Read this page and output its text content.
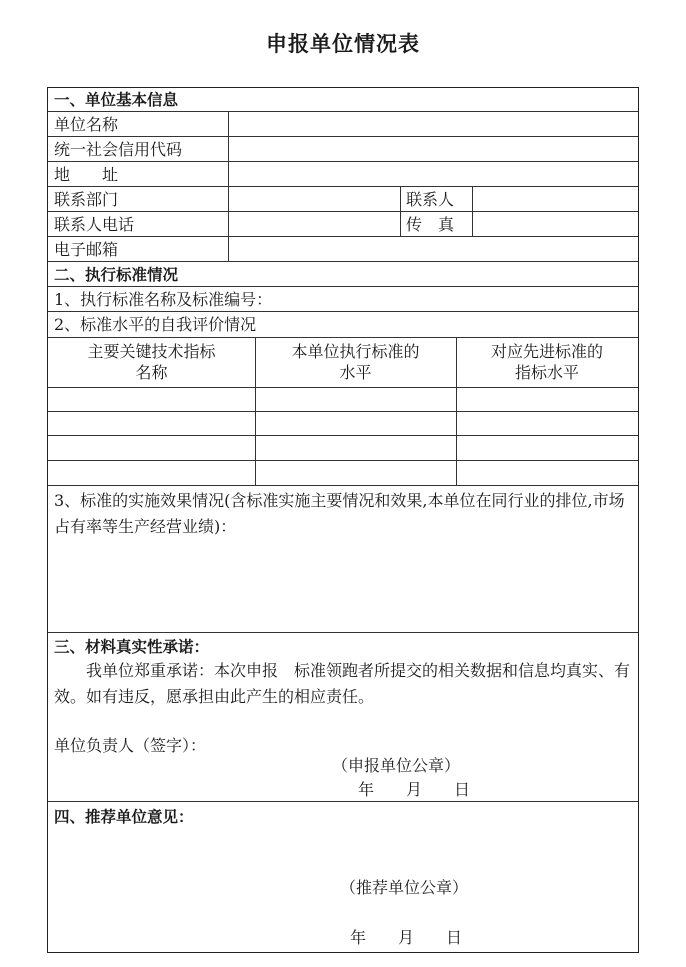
申报单位情况表
一、单位基本信息
单位名称
统一社会信用代码
地　　址
联系部门	联系人
联系人电话	传　真
电子邮箱
二、执行标准情况
1、执行标准名称及标准编号：
2、标准水平的自我评价情况
主要关键技术指标
名称
本单位执行标准的
水平
对应先进标准的
指标水平
3、标准的实施效果情况(含标准实施主要情况和效果,本单位在同行业的排位,市场占有率等生产经营业绩)：
三、材料真实性承诺：
我单位郑重承诺：本次申报　标准领跑者所提交的相关数据和信息均真实、有效。如有违反，愿承担由此产生的相应责任。
单位负责人（签字）：
（申报单位公章）
年　　月　　日
四、推荐单位意见：
（推荐单位公章）
年　　月　　日
